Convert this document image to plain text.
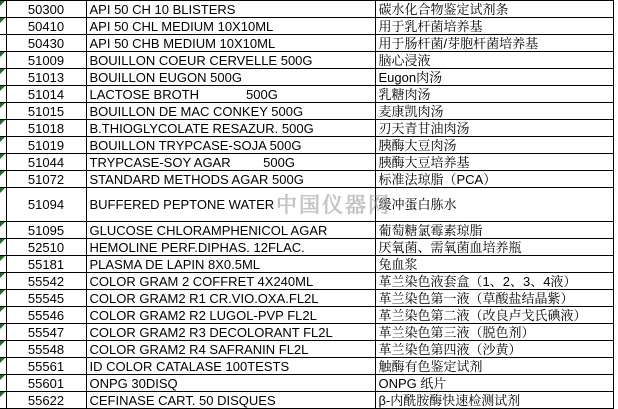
	50300	API 50 CH 10 BLISTERS	碳水化合物鉴定试剂条

	50410	API 50 CHL MEDIUM 10X10ML	用于乳杆菌培养基
	50430	API 50 CHB MEDIUM 10X10ML	用于肠杆菌/芽胞杆菌培养基

	51009	BOUILLON COEUR CERVELLE 500G	脑心浸液

	51013	BOUILLON EUGON 500G	Eugon肉汤

	51014	LACTOSE BROTH             500G	乳糖肉汤

	51015	BOUILLON DE MAC CONKEY 500G	麦康凯肉汤

	51018	B.THIOGLYCOLATE RESAZUR. 500G	刃天青甘油肉汤

	51019	BOUILLON TRYPCASE-SOJA 500G	胰酶大豆肉汤

	51044	TRYPCASE-SOY AGAR         500G	胰酶大豆培养基

	51072	STANDARD METHODS AGAR 500G	标准法琼脂（PCA）

	51094	BUFFERED PEPTONE WATER	缓冲蛋白胨水

	51095	GLUCOSE CHLORAMPHENICOL AGAR	葡萄糖氯霉素琼脂

	52510	HEMOLINE PERF.DIPHAS. 12FLAC.	厌氧菌、需氧菌血培养瓶

	55181	PLASMA DE LAPIN 8X0.5ML	兔血浆

	55542	COLOR GRAM 2 COFFRET 4X240ML	革兰染色液套盒（1、2、3、4液）

	55545	COLOR GRAM2 R1 CR.VIO.OXA.FL2L	革兰染色第一液（草酸盐结晶紫）

	55546	COLOR GRAM2 R2 LUGOL-PVP FL2L	革兰染色第二液（改良卢戈氏碘液）

	55547	COLOR GRAM2 R3 DECOLORANT FL2L	革兰染色第三液（脱色剂）

	55548	COLOR GRAM2 R4 SAFRANIN FL2L	革兰染色第四液（沙黄）

	55561	ID COLOR CATALASE 100TESTS	触酶有色鉴定试剂

	55601	ONPG 30DISQ	ONPG 纸片

	55622	CEFINASE CART. 50 DISQUES	β-内酰胺酶快速检测试剂
中国仪器网
